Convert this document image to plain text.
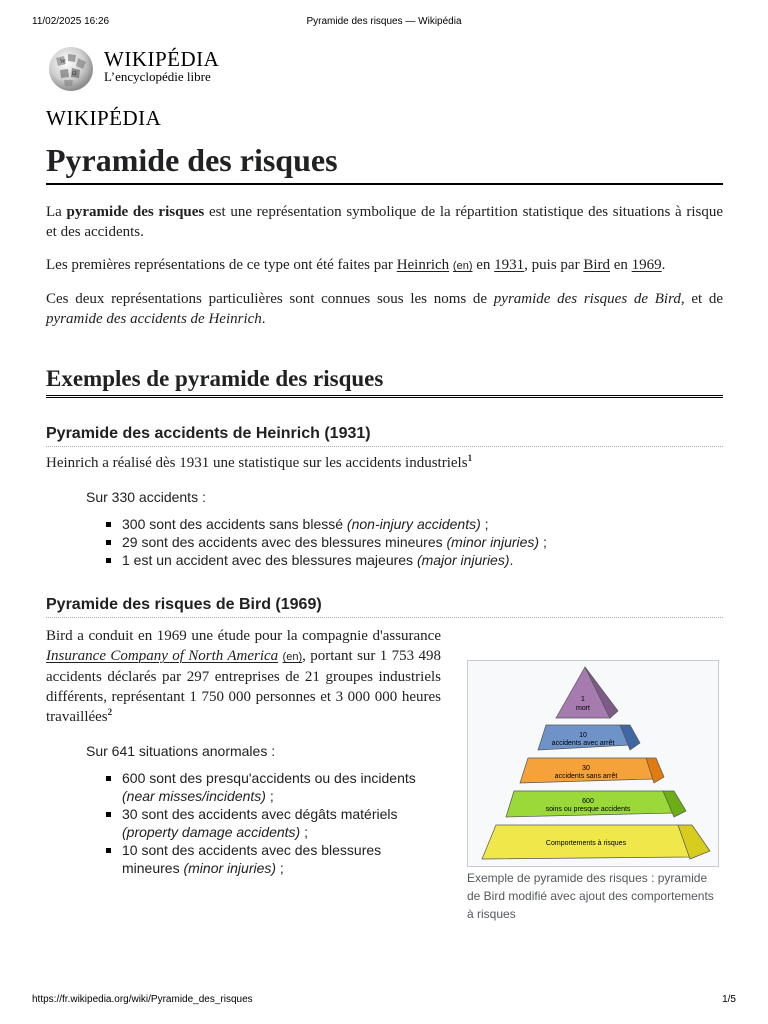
11/02/2025 16:26	Pyramide des risques — Wikipédia
W
Ω
WIKIPÉDIA
L’encyclopédie libre
WIKIPÉDIA
Pyramide des risques

La pyramide des risques est une représentation symbolique de la répartition statistique des situations à risque et des accidents.

Les premières représentations de ce type ont été faites par Heinrich (en) en 1931, puis par Bird en 1969.

Ces deux représentations particulières sont connues sous les noms de pyramide des risques de Bird, et de pyramide des accidents de Heinrich.

Exemples de pyramide des risques
Pyramide des accidents de Heinrich (1931)

Heinrich a réalisé dès 1931 une statistique sur les accidents industriels$^1$

Sur 330 accidents :
300 sont des accidents sans blessé (non-injury accidents) ;
29 sont des accidents avec des blessures mineures (minor injuries) ;
1 est un accident avec des blessures majeures (major injuries).
Pyramide des risques de Bird (1969)

Bird a conduit en 1969 une étude pour la compagnie d'assurance Insurance Company of North America (en), portant sur 1 753 498 accidents déclarés par 297 entreprises de 21 groupes industriels différents, représentant 1 750 000 personnes et 3 000 000 heures travaillées$^2$

Sur 641 situations anormales :
600 sont des presqu'accidents ou des incidents (near misses/incidents) ;
30 sont des accidents avec dégâts matériels (property damage accidents) ;
10 sont des accidents avec des blessures mineures (minor injuries) ;
1
mort
10
accidents avec arrêt
30
accidents sans arrêt
600
soins ou presque accidents
Comportements à risques
Exemple de pyramide des risques : pyramide de Bird modifié avec ajout des comportements à risques
https://fr.wikipedia.org/wiki/Pyramide_des_risques	1/5
